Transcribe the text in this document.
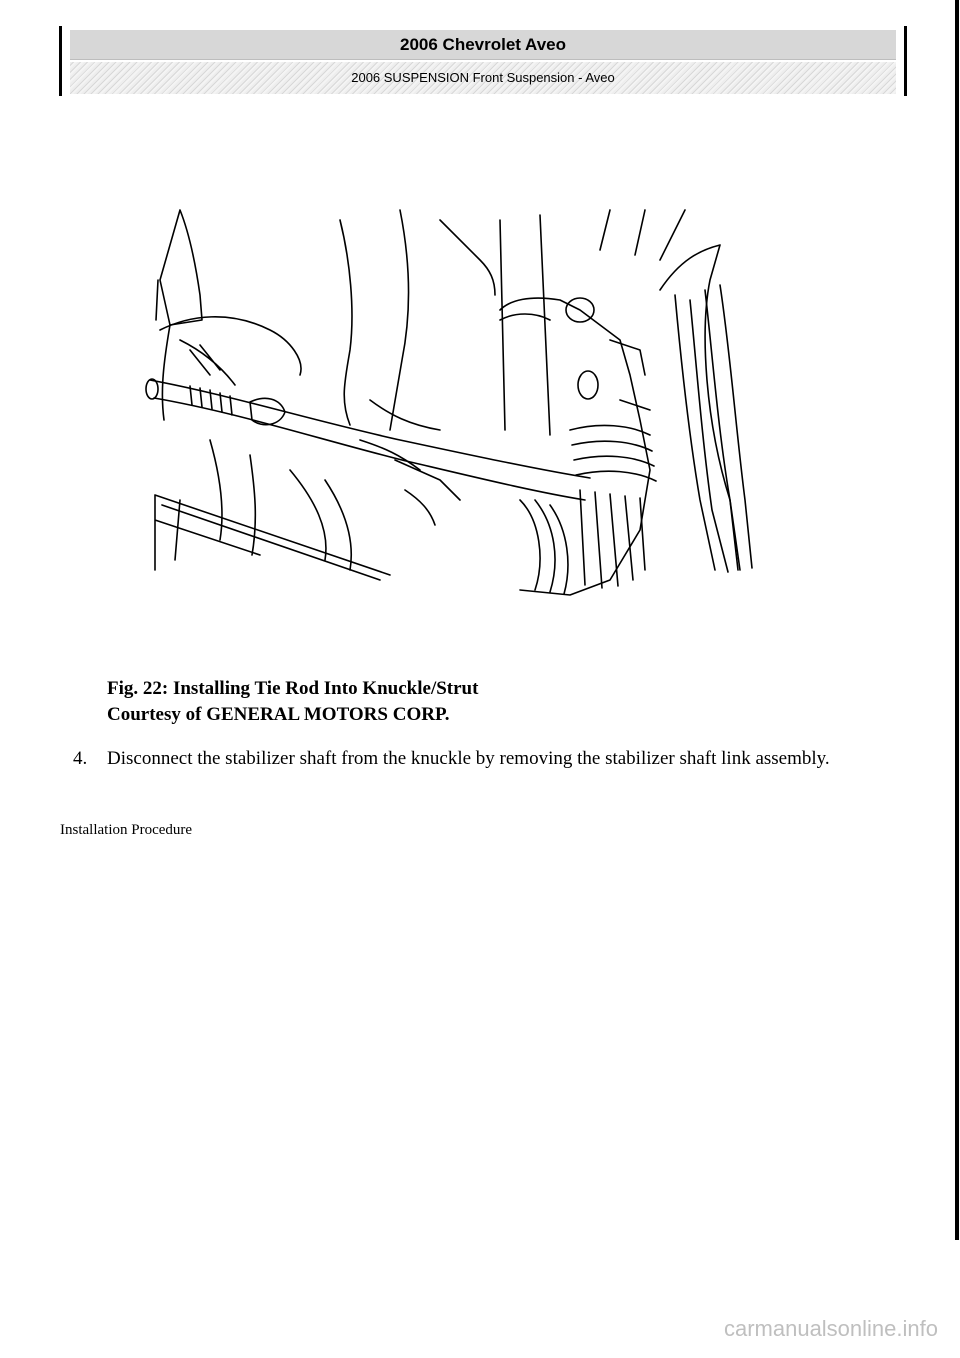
2006 Chevrolet Aveo
2006 SUSPENSION Front Suspension - Aveo
Fig. 22: Installing Tie Rod Into Knuckle/Strut
Courtesy of GENERAL MOTORS CORP.
4. Disconnect the stabilizer shaft from the knuckle by removing the stabilizer shaft link assembly.
Installation Procedure
carmanualsonline.info
